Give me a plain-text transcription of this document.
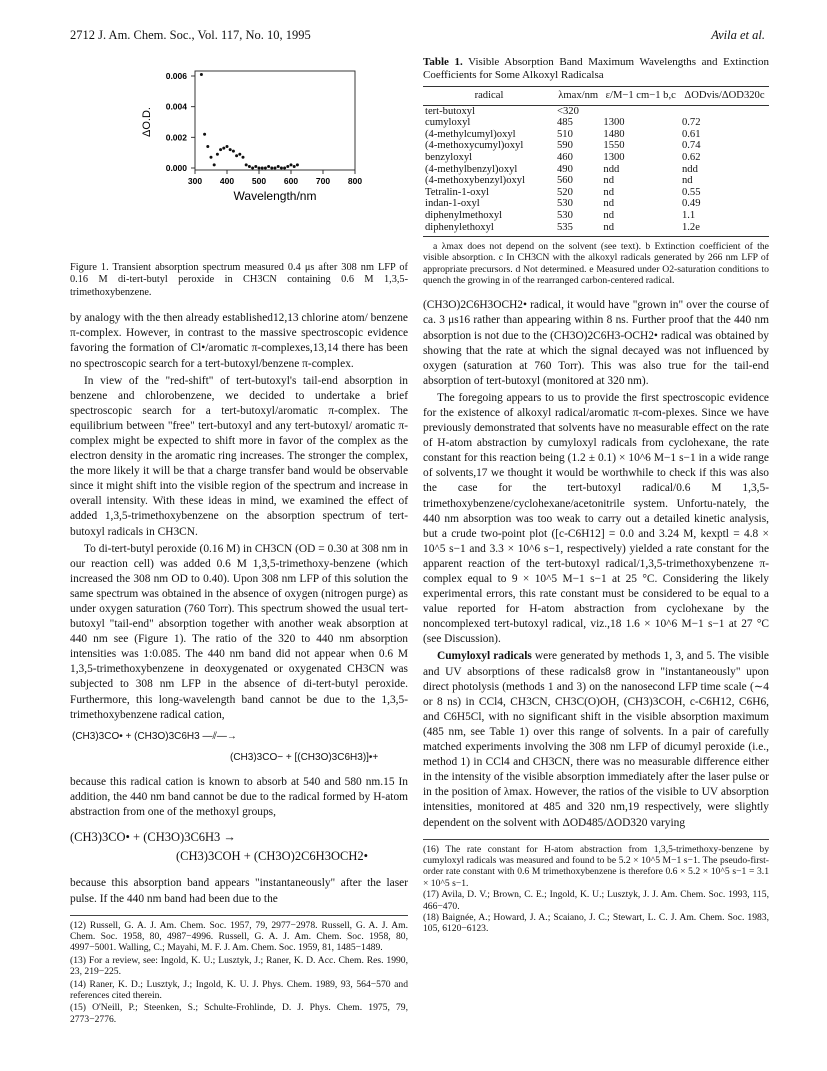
2712 J. Am. Chem. Soc., Vol. 117, No. 10, 1995	Avila et al.
300 400 500 600 700 800
0.000
0.002
0.004
0.006
Wavelength/nm
ΔO.D.

Figure 1. Transient absorption spectrum measured 0.4 μs after 308 nm LFP of 0.16 M di-tert-butyl peroxide in CH3CN containing 0.6 M 1,3,5-trimethoxybenzene.

by analogy with the then already established12,13 chlorine atom/ benzene π-complex. However, in contrast to the massive spectroscopic evidence favoring the formation of Cl•/aromatic π-complexes,13,14 there has been no spectroscopic search for a tert-butoxyl/benzene π-complex.

In view of the "red-shift" of tert-butoxyl's tail-end absorption in benzene and chlorobenzene, we decided to undertake a brief spectroscopic search for a tert-butoxyl/aromatic π-complex. The equilibrium between "free" tert-butoxyl and any tert-butoxyl/ aromatic π-complex might be expected to shift more in favor of the complex as the electron density in the aromatic ring increases. The stronger the complex, the more likely it will be that a charge transfer band would be observable since it might shift into the visible region of the spectrum and increase in overall intensity. With these ideas in mind, we examined the effect of added 1,3,5-trimethoxybenzene on the absorption spectrum of tert-butoxyl radicals in CH3CN.

To di-tert-butyl peroxide (0.16 M) in CH3CN (OD = 0.30 at 308 nm in our reaction cell) was added 0.6 M 1,3,5-trimethoxy-benzene (which increased the 308 nm OD to 0.40). Upon 308 nm LFP of this solution the same spectrum was obtained in the absence of oxygen (nitrogen purge) as under oxygen saturation (760 Torr). This spectrum showed the usual tert-butoxyl "tail-end" absorption together with another weak absorption at 440 nm see (Figure 1). The ratio of the 320 to 440 nm absorption intensities was 1:0.085. The 440 nm band did not appear when 0.6 M 1,3,5-trimethoxybenzene in deoxygenated or oxygenated CH3CN was subjected to 308 nm LFP in the absence of di-tert-butyl peroxide. Furthermore, this long-wavelength band cannot be due to the 1,3,5-trimethoxybenzene radical cation,

(CH3)3CO• + (CH3O)3C6H3 —⫽—→
(CH3)3CO− + [(CH3O)3C6H3)]•+

because this radical cation is known to absorb at 540 and 580 nm.15 In addition, the 440 nm band cannot be due to the radical formed by H-atom abstraction from one of the methoxyl groups,

(CH3)3CO• + (CH3O)3C6H3 →
(CH3)3COH + (CH3O)2C6H3OCH2•

because this absorption band appears "instantaneously" after the laser pulse. If the 440 nm band had been due to the

(12) Russell, G. A. J. Am. Chem. Soc. 1957, 79, 2977−2978. Russell, G. A. J. Am. Chem. Soc. 1958, 80, 4987−4996. Russell, G. A. J. Am. Chem. Soc. 1958, 80, 4997−5001. Walling, C.; Mayahi, M. F. J. Am. Chem. Soc. 1959, 81, 1485−1489.
(13) For a review, see: Ingold, K. U.; Lusztyk, J.; Raner, K. D. Acc. Chem. Res. 1990, 23, 219−225.
(14) Raner, K. D.; Lusztyk, J.; Ingold, K. U. J. Phys. Chem. 1989, 93, 564−570 and references cited therein.
(15) O'Neill, P.; Steenken, S.; Schulte-Frohlinde, D. J. Phys. Chem. 1975, 79, 2773−2776.
Table 1. Visible Absorption Band Maximum Wavelengths and Extinction Coefficients for Some Alkoxyl Radicalsa
radical	λmax/nm	ε/M−1 cm−1 b,c	ΔODvis/ΔOD320c
tert-butoxyl	<320		
cumyloxyl	485	1300	0.72
(4-methylcumyl)oxyl	510	1480	0.61
(4-methoxycumyl)oxyl	590	1550	0.74
benzyloxyl	460	1300	0.62
(4-methylbenzyl)oxyl	490	ndd	ndd
(4-methoxybenzyl)oxyl	560	nd	nd
Tetralin-1-oxyl	520	nd	0.55
indan-1-oxyl	530	nd	0.49
diphenylmethoxyl	530	nd	1.1
diphenylethoxyl	535	nd	1.2e
a λmax does not depend on the solvent (see text). b Extinction coefficient of the visible absorption. c In CH3CN with the alkoxyl radicals generated by 266 nm LFP of appropriate precursors. d Not determined. e Measured under O2-saturation conditions to quench the growing in of the rearranged carbon-centered radical.

(CH3O)2C6H3OCH2• radical, it would have "grown in" over the course of ca. 3 μs16 rather than appearing within 8 ns. Further proof that the 440 nm absorption is not due to the (CH3O)2C6H3-OCH2• radical was obtained by showing that the rate at which the signal decayed was not influenced by oxygen (saturation at 760 Torr). This was also true for the tail-end absorption of tert-butoxyl (monitored at 320 nm).

The foregoing appears to us to provide the first spectroscopic evidence for the existence of alkoxyl radical/aromatic π-com-plexes. Since we have previously demonstrated that solvents have no measurable effect on the rate of H-atom abstraction by cumyloxyl radicals from cyclohexane, the rate constant for this reaction being (1.2 ± 0.1) × 10^6 M−1 s−1 in a wide range of solvents,17 we thought it would be worthwhile to check if this was also the case for the tert-butoxyl radical/0.6 M 1,3,5-trimethoxybenzene/cyclohexane/acetonitrile system. Unfortu-nately, the 440 nm absorption was too weak to carry out a detailed kinetic analysis, but a crude two-point plot ([c-C6H12] = 0.0 and 3.24 M, kexptl = 4.8 × 10^5 s−1 and 3.3 × 10^6 s−1, respectively) yielded a rate constant for the apparent reaction of the tert-butoxyl radical/1,3,5-trimethoxybenzene π-complex equal to 9 × 10^5 M−1 s−1 at 25 °C. Considering the likely experimental errors, this rate constant must be considered to be equal to a value reported for H-atom abstraction from cyclohexane by the noncomplexed tert-butoxyl radical, viz.,18 1.6 × 10^6 M−1 s−1 at 27 °C (see Discussion).

Cumyloxyl radicals were generated by methods 1, 3, and 5. The visible and UV absorptions of these radicals8 grow in "instantaneously" upon direct photolysis (methods 1 and 3) on the nanosecond LFP time scale (∼4 or 8 ns) in CCl4, CH3CN, CH3C(O)OH, (CH3)3COH, c-C6H12, C6H6, and C6H5Cl, with no significant shift in the visible absorption maximum (485 nm, see Table 1) over this range of solvents. In a pair of carefully matched experiments involving the 308 nm LFP of dicumyl peroxide (i.e., method 1) in CCl4 and CH3CN, there was no measurable difference either in the intensity of the visible absorption immediately after the laser pulse or in the position of λmax. However, the ratios of the visible to UV absorption intensities, monitored at 485 and 320 nm,19 respectively, were slightly dependent on the solvent with ΔOD485/ΔOD320 varying

(16) The rate constant for H-atom abstraction from 1,3,5-trimethoxy-benzene by cumyloxyl radicals was measured and found to be 5.2 × 10^5 M−1 s−1. The pseudo-first-order rate constant with 0.6 M trimethoxybenzene is therefore 0.6 × 5.2 × 10^5 s−1 = 3.1 × 10^5 s−1.
(17) Avila, D. V.; Brown, C. E.; Ingold, K. U.; Lusztyk, J. J. Am. Chem. Soc. 1993, 115, 466−470.
(18) Baignée, A.; Howard, J. A.; Scaiano, J. C.; Stewart, L. C. J. Am. Chem. Soc. 1983, 105, 6120−6123.
